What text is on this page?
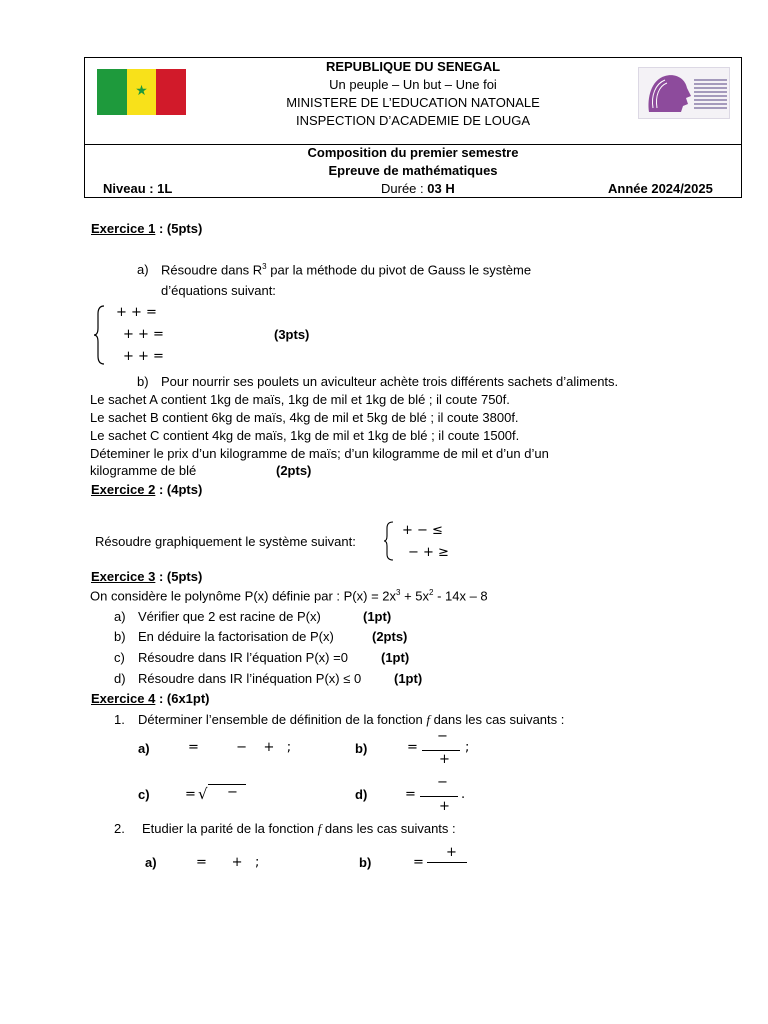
★
REPUBLIQUE DU SENEGAL
Un peuple – Un but – Une foi
MINISTERE DE L’EDUCATION NATONALE
INSPECTION D’ACADEMIE DE LOUGA
Composition du premier semestre
Epreuve de mathématiques
Niveau : 1L	Durée : 03 H	Année 2024/2025
Exercice 1 : (5pts)
a) Résoudre dans $R^3$ par la méthode du pivot de Gauss le système
d’équations suivant:
+ + =
+ + =
+ + =
(3pts)
b) Pour nourrir ses poulets un aviculteur achète trois différents sachets d’aliments.
Le sachet A contient 1kg de maïs, 1kg de mil et 1kg de blé ; il coute 750f.
Le sachet B contient 6kg de maïs, 4kg de mil et 5kg de blé ; il coute 3800f.
Le sachet C contient 4kg de maïs, 1kg de mil et 1kg de blé ; il coute 1500f.
Déteminer le prix d’un kilogramme de maïs; d’un kilogramme de mil et d’un d’un
kilogramme de blé	(2pts)
Exercice 2 : (4pts)
Résoudre graphiquement le système suivant:
+ − ≤
− + ≥
Exercice 3 : (5pts)
On considère le polynôme P(x) définie par : $P(x) = 2x^3 + 5x^2 - 14x - 8$
a) Vérifier que 2 est racine de P(x)	(1pt)
b) En déduire la factorisation de P(x)	(2pts)
c) Résoudre dans IR l’équation P(x) =0	(1pt)
d) Résoudre dans IR l’inéquation P(x) ≤ 0	(1pt)
Exercice 4 : (6x1pt)
1. Déterminer l’ensemble de définition de la fonction f dans les cas suivants :
a)	=         −    +   ;	b)	=
−
+
;
c)	= √ −	d)	=
−
+
.
2. Etudier la parité de la fonction f dans les cas suivants :
a)	=      +   ;	b)	=
+
